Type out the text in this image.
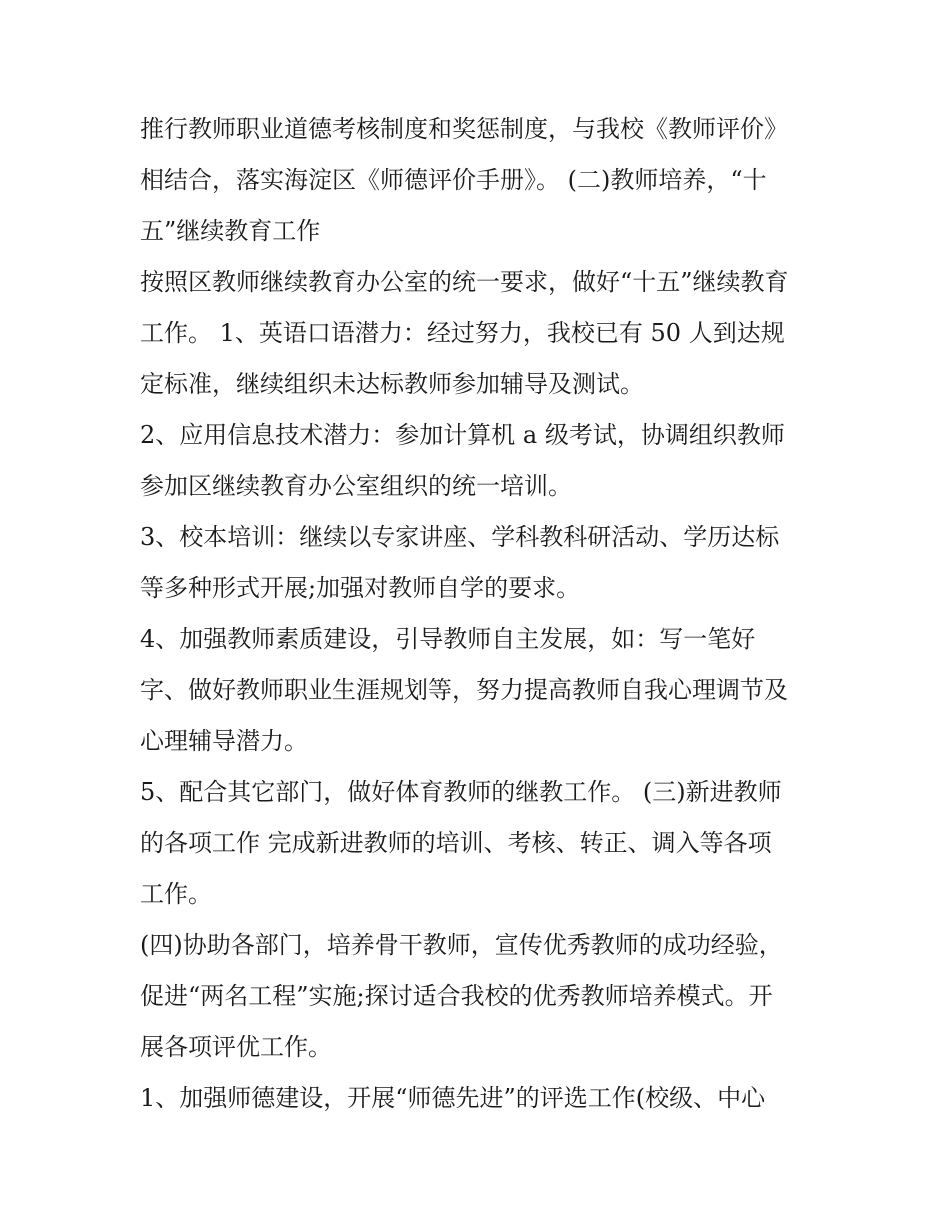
推行教师职业道德考核制度和奖惩制度，与我校《教师评价》
相结合，落实海淀区《师德评价手册》。 (二)教师培养，“十
五”继续教育工作
按照区教师继续教育办公室的统一要求，做好“十五”继续教育
工作。 1、英语口语潜力：经过努力，我校已有 50 人到达规
定标准，继续组织未达标教师参加辅导及测试。
2、应用信息技术潜力：参加计算机 a 级考试，协调组织教师
参加区继续教育办公室组织的统一培训。
3、校本培训：继续以专家讲座、学科教科研活动、学历达标
等多种形式开展;加强对教师自学的要求。
4、加强教师素质建设，引导教师自主发展，如：写一笔好
字、做好教师职业生涯规划等，努力提高教师自我心理调节及
心理辅导潜力。
5、配合其它部门，做好体育教师的继教工作。 (三)新进教师
的各项工作 完成新进教师的培训、考核、转正、调入等各项
工作。
(四)协助各部门，培养骨干教师，宣传优秀教师的成功经验，
促进“两名工程”实施;探讨适合我校的优秀教师培养模式。开
展各项评优工作。
1、加强师德建设，开展“师德先进”的评选工作(校级、中心
